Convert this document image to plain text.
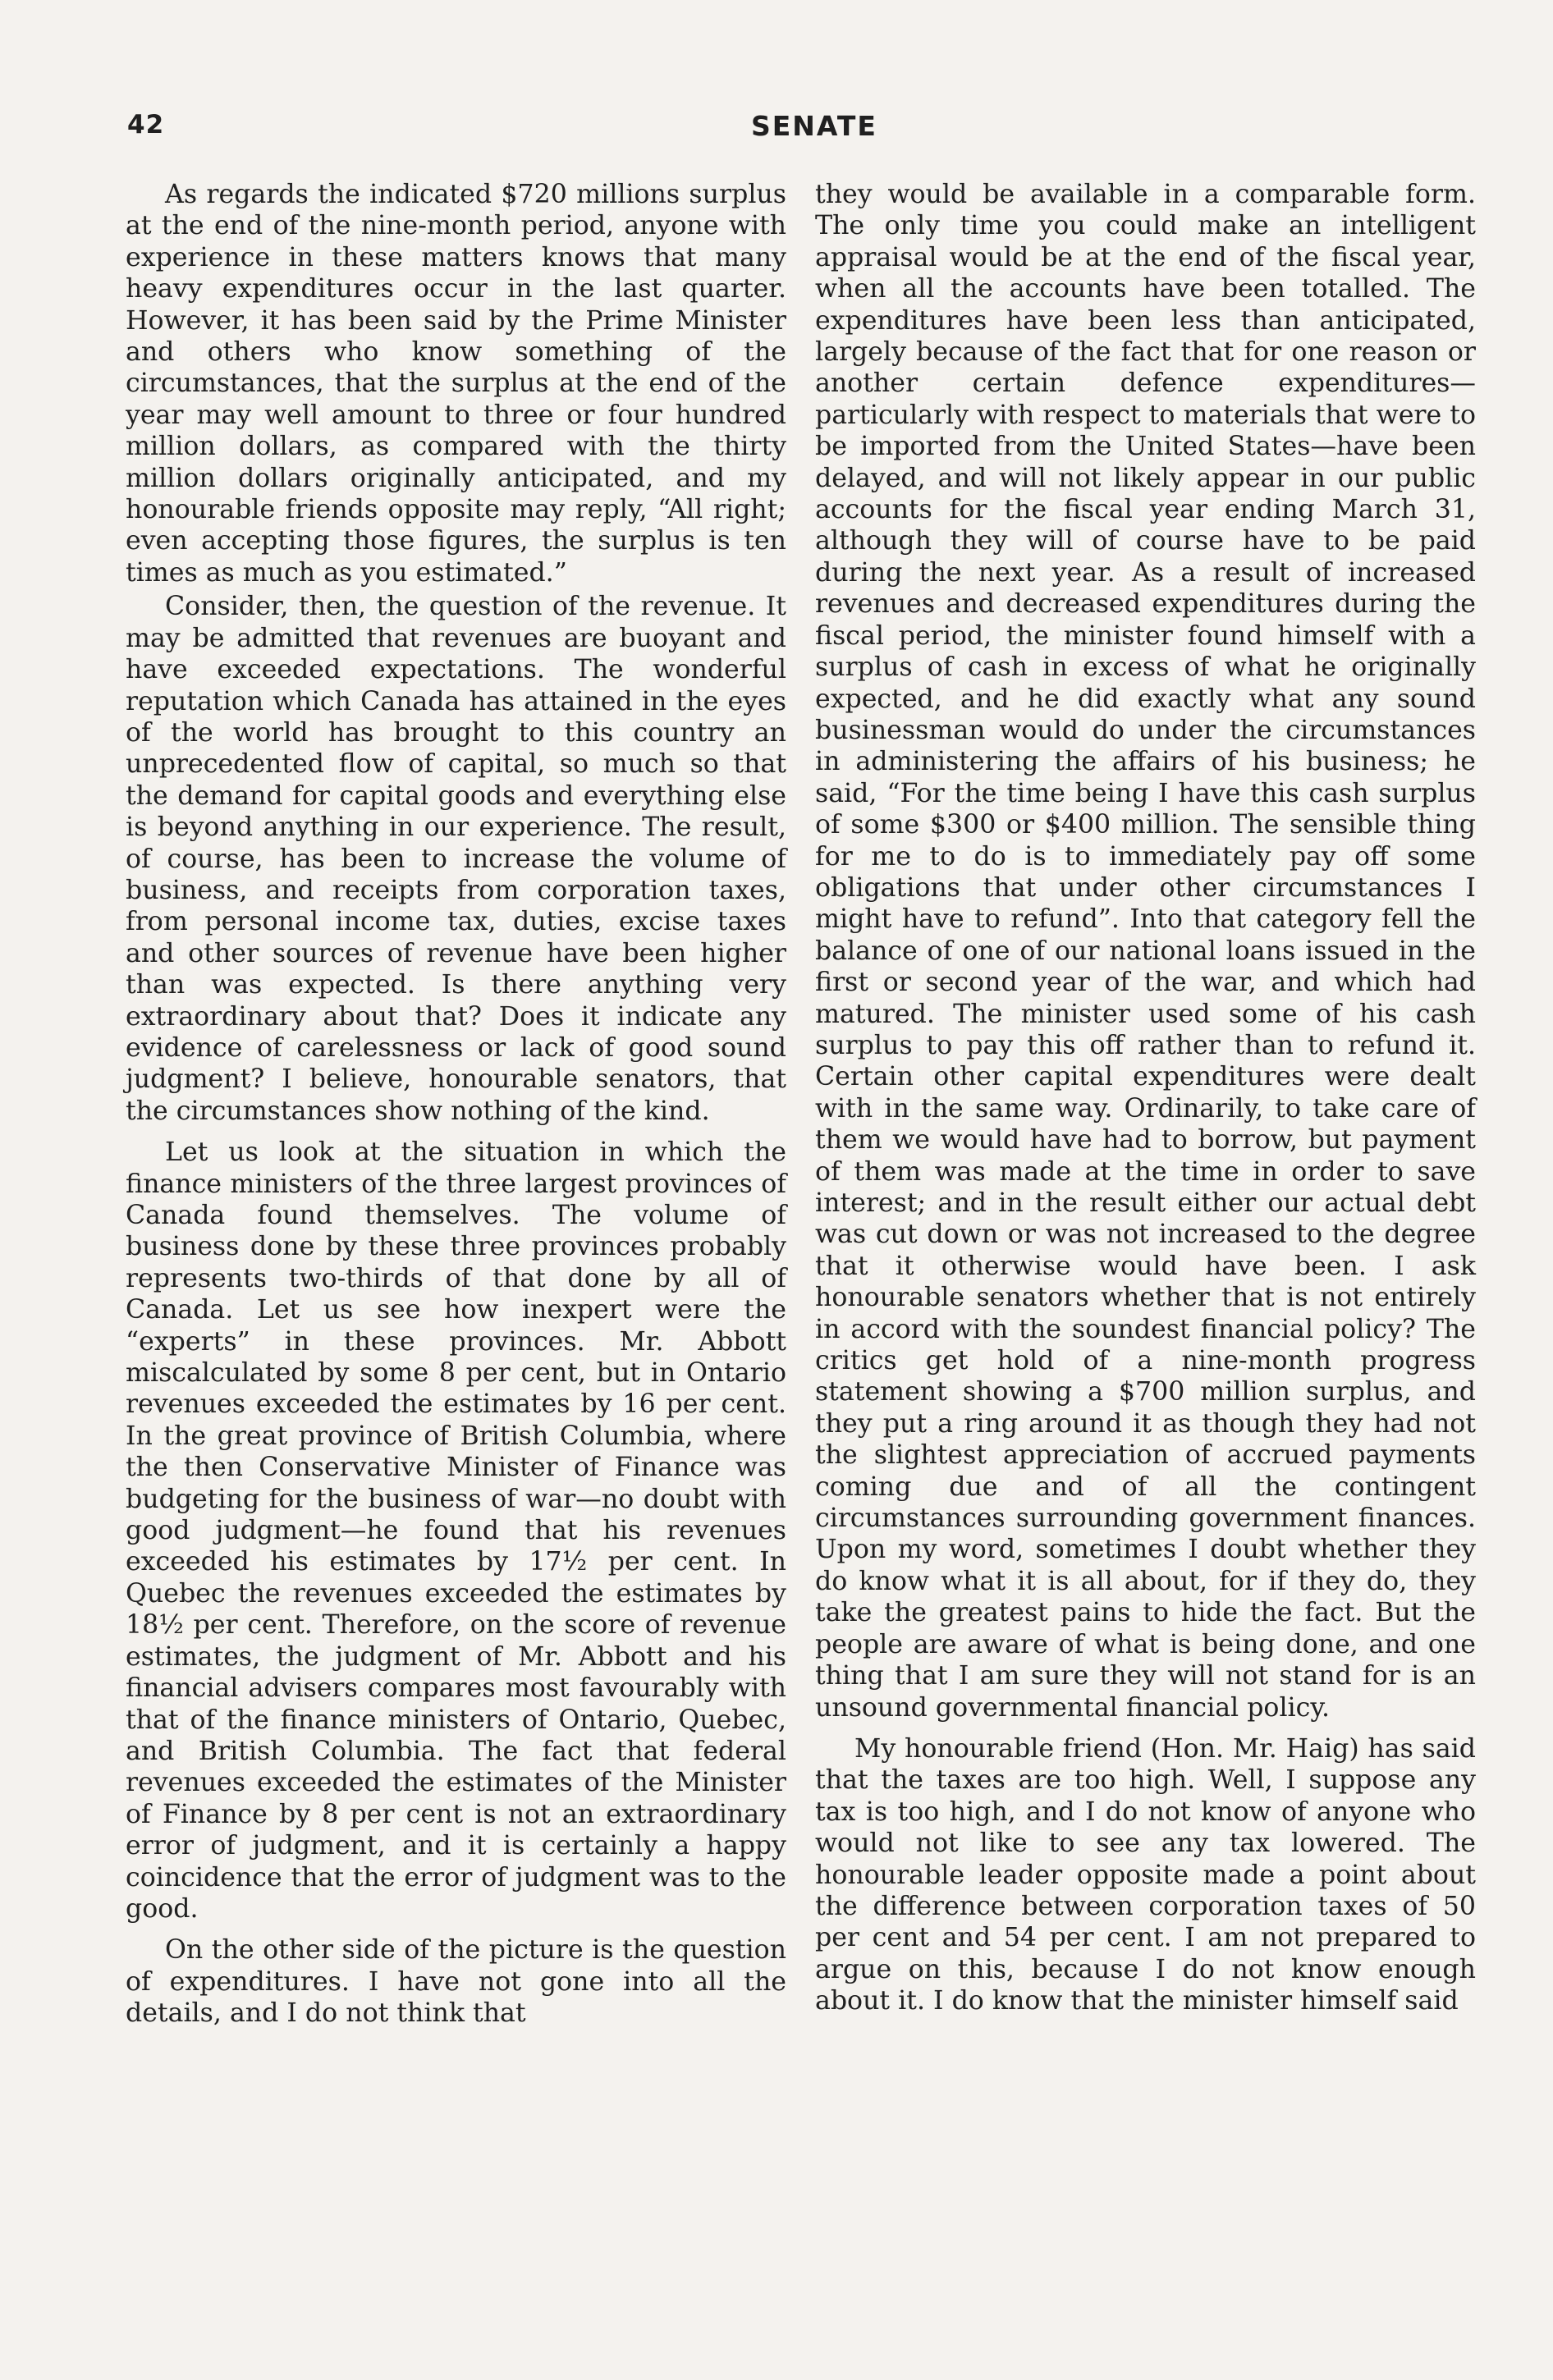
42	SENATE

As regards the indicated $720 millions surplus at the end of the nine-month period, anyone with experience in these matters knows that many heavy expenditures occur in the last quarter. However, it has been said by the Prime Minister and others who know something of the circumstances, that the surplus at the end of the year may well amount to three or four hundred million dollars, as compared with the thirty million dollars originally anticipated, and my honourable friends opposite may reply, “All right; even accepting those figures, the surplus is ten times as much as you estimated.”

Consider, then, the question of the revenue. It may be admitted that revenues are buoyant and have exceeded expectations. The wonderful reputation which Canada has attained in the eyes of the world has brought to this country an unprecedented flow of capital, so much so that the demand for capital goods and everything else is beyond anything in our experience. The result, of course, has been to increase the volume of business, and receipts from corporation taxes, from personal income tax, duties, excise taxes and other sources of revenue have been higher than was expected. Is there anything very extraordinary about that? Does it indicate any evidence of carelessness or lack of good sound judgment? I believe, honourable senators, that the circumstances show nothing of the kind.

Let us look at the situation in which the finance ministers of the three largest provinces of Canada found themselves. The volume of business done by these three provinces probably represents two-thirds of that done by all of Canada. Let us see how inexpert were the “experts” in these provinces. Mr. Abbott miscalculated by some 8 per cent, but in Ontario revenues exceeded the estimates by 16 per cent. In the great province of British Columbia, where the then Conservative Minister of Finance was budgeting for the business of war—no doubt with good judgment—he found that his revenues exceeded his estimates by 17½ per cent. In Quebec the revenues exceeded the estimates by 18½ per cent. Therefore, on the score of revenue estimates, the judgment of Mr. Abbott and his financial advisers compares most favourably with that of the finance ministers of Ontario, Quebec, and British Columbia. The fact that federal revenues exceeded the estimates of the Minister of Finance by 8 per cent is not an extraordinary error of judgment, and it is certainly a happy coincidence that the error of judgment was to the good.

On the other side of the picture is the question of expenditures. I have not gone into all the details, and I do not think that

they would be available in a comparable form. The only time you could make an intelligent appraisal would be at the end of the fiscal year, when all the accounts have been totalled. The expenditures have been less than anticipated, largely because of the fact that for one reason or another certain defence expenditures—particularly with respect to materials that were to be imported from the United States—have been delayed, and will not likely appear in our public accounts for the fiscal year ending March 31, although they will of course have to be paid during the next year. As a result of increased revenues and decreased expenditures during the fiscal period, the minister found himself with a surplus of cash in excess of what he originally expected, and he did exactly what any sound businessman would do under the circumstances in administering the affairs of his business; he said, “For the time being I have this cash surplus of some $300 or $400 million. The sensible thing for me to do is to immediately pay off some obligations that under other circumstances I might have to refund”. Into that category fell the balance of one of our national loans issued in the first or second year of the war, and which had matured. The minister used some of his cash surplus to pay this off rather than to refund it. Certain other capital expenditures were dealt with in the same way. Ordinarily, to take care of them we would have had to borrow, but payment of them was made at the time in order to save interest; and in the result either our actual debt was cut down or was not increased to the degree that it otherwise would have been. I ask honourable senators whether that is not entirely in accord with the soundest financial policy? The critics get hold of a nine-month progress statement showing a $700 million surplus, and they put a ring around it as though they had not the slightest appreciation of accrued payments coming due and of all the contingent circumstances surrounding government finances. Upon my word, sometimes I doubt whether they do know what it is all about, for if they do, they take the greatest pains to hide the fact. But the people are aware of what is being done, and one thing that I am sure they will not stand for is an unsound governmental financial policy.

My honourable friend (Hon. Mr. Haig) has said that the taxes are too high. Well, I suppose any tax is too high, and I do not know of anyone who would not like to see any tax lowered. The honourable leader opposite made a point about the difference between corporation taxes of 50 per cent and 54 per cent. I am not prepared to argue on this, because I do not know enough about it. I do know that the minister himself said
